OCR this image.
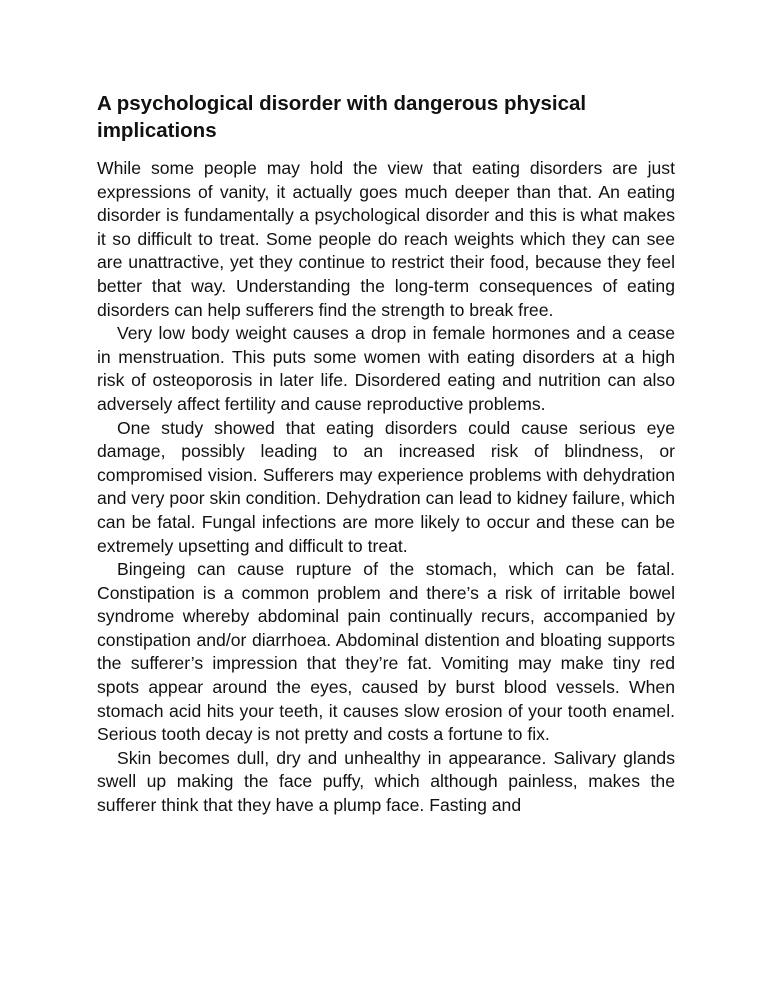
A psychological disorder with dangerous physical implications

While some people may hold the view that eating disorders are just expressions of vanity, it actually goes much deeper than that. An eating disorder is fundamentally a psychological disorder and this is what makes it so difficult to treat. Some people do reach weights which they can see are unattractive, yet they continue to restrict their food, because they feel better that way. Understanding the long-term consequences of eating disorders can help sufferers find the strength to break free.

Very low body weight causes a drop in female hormones and a cease in menstruation. This puts some women with eating disorders at a high risk of osteoporosis in later life. Disordered eating and nutrition can also adversely affect fertility and cause reproductive problems.

One study showed that eating disorders could cause serious eye damage, possibly leading to an increased risk of blindness, or compromised vision. Sufferers may experience problems with dehydration and very poor skin condition. Dehydration can lead to kidney failure, which can be fatal. Fungal infections are more likely to occur and these can be extremely upsetting and difficult to treat.

Bingeing can cause rupture of the stomach, which can be fatal. Constipation is a common problem and there’s a risk of irritable bowel syndrome whereby abdominal pain continually recurs, accompanied by constipation and/or diarrhoea. Abdominal distention and bloating supports the sufferer’s impression that they’re fat. Vomiting may make tiny red spots appear around the eyes, caused by burst blood vessels. When stomach acid hits your teeth, it causes slow erosion of your tooth enamel. Serious tooth decay is not pretty and costs a fortune to fix.

Skin becomes dull, dry and unhealthy in appearance. Salivary glands swell up making the face puffy, which although painless, makes the sufferer think that they have a plump face. Fasting and
